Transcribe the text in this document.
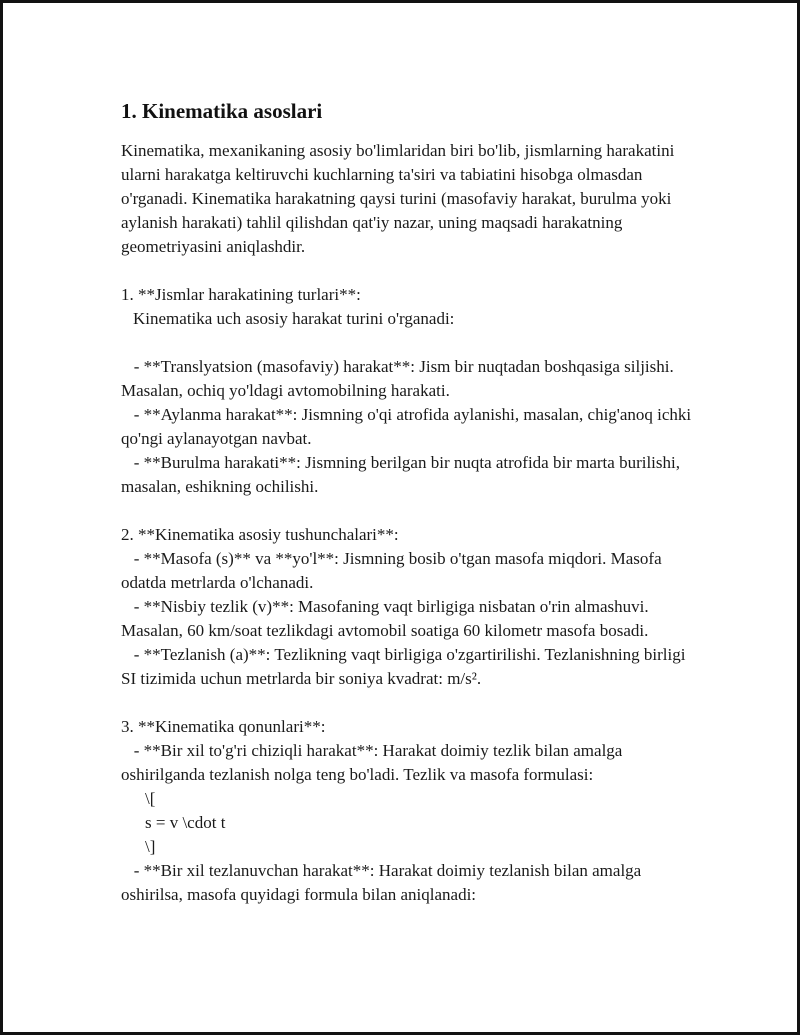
1. Kinematika asoslari

Kinematika, mexanikaning asosiy bo'limlaridan biri bo'lib, jismlarning harakatini ularni harakatga keltiruvchi kuchlarning ta'siri va tabiatini hisobga olmasdan o'rganadi. Kinematika harakatning qaysi turini (masofaviy harakat, burulma yoki aylanish harakati) tahlil qilishdan qat'iy nazar, uning maqsadi harakatning geometriyasini aniqlashdir.

1. **Jismlar harakatining turlari**:

Kinematika uch asosiy harakat turini o'rganadi:

- **Translyatsion (masofaviy) harakat**: Jism bir nuqtadan boshqasiga siljishi. Masalan, ochiq yo'ldagi avtomobilning harakati.

- **Aylanma harakat**: Jismning o'qi atrofida aylanishi, masalan, chig'anoq ichki qo'ngi aylanayotgan navbat.

- **Burulma harakati**: Jismning berilgan bir nuqta atrofida bir marta burilishi, masalan, eshikning ochilishi.

2. **Kinematika asosiy tushunchalari**:

- **Masofa (s)** va **yo'l**: Jismning bosib o'tgan masofa miqdori. Masofa odatda metrlarda o'lchanadi.

- **Nisbiy tezlik (v)**: Masofaning vaqt birligiga nisbatan o'rin almashuvi. Masalan, 60 km/soat tezlikdagi avtomobil soatiga 60 kilometr masofa bosadi.

- **Tezlanish (a)**: Tezlikning vaqt birligiga o'zgartirilishi. Tezlanishning birligi SI tizimida uchun metrlarda bir soniya kvadrat: m/s².

3. **Kinematika qonunlari**:

- **Bir xil to'g'ri chiziqli harakat**: Harakat doimiy tezlik bilan amalga oshirilganda tezlanish nolga teng bo'ladi. Tezlik va masofa formulasi:

\[

s = v \cdot t

\]

- **Bir xil tezlanuvchan harakat**: Harakat doimiy tezlanish bilan amalga oshirilsa, masofa quyidagi formula bilan aniqlanadi:
